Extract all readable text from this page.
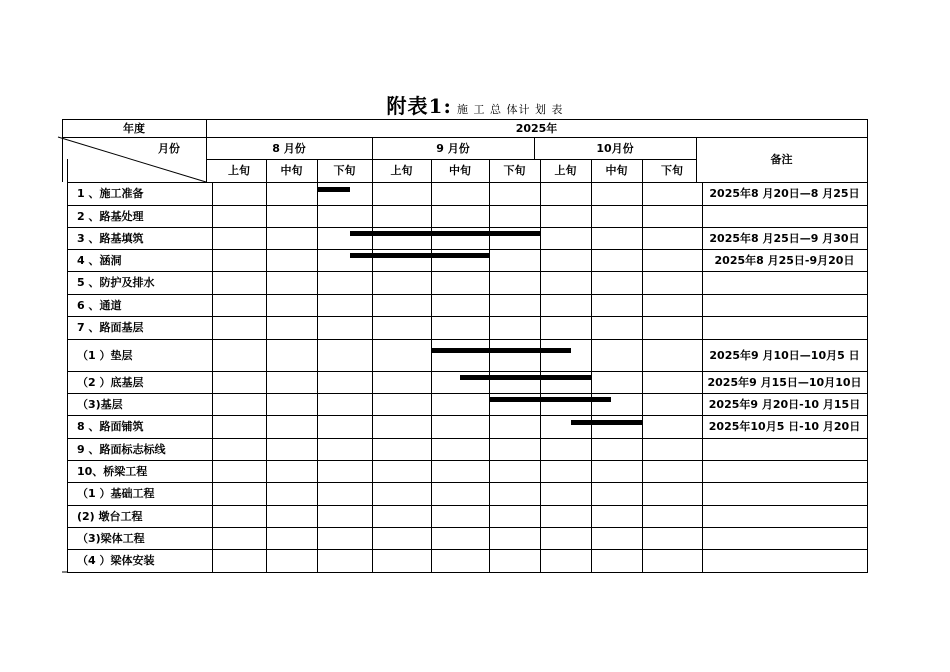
附表1: 施 工 总 体计 划 表
年度	2025年
月份	8 月份	9 月份	10月份
上旬	中旬	下旬	上旬	中旬	下旬	上旬	中旬	下旬
备注
1 、施工准备	2025年8 月20日—8 月25日
2 、路基处理
3 、路基填筑	2025年8 月25日—9 月30日
4 、涵洞	2025年8 月25日-9月20日
5 、防护及排水
6 、通道
7 、路面基层
（1 ）垫层	2025年9 月10日—10月5 日
（2 ）底基层	2025年9 月15日—10月10日
（3)基层	2025年9 月20日-10 月15日
8 、路面铺筑	2025年10月5 日-10 月20日
9 、路面标志标线
10、桥梁工程
（1 ）基础工程
(2) 墩台工程
（3)梁体工程
（4 ）梁体安装
